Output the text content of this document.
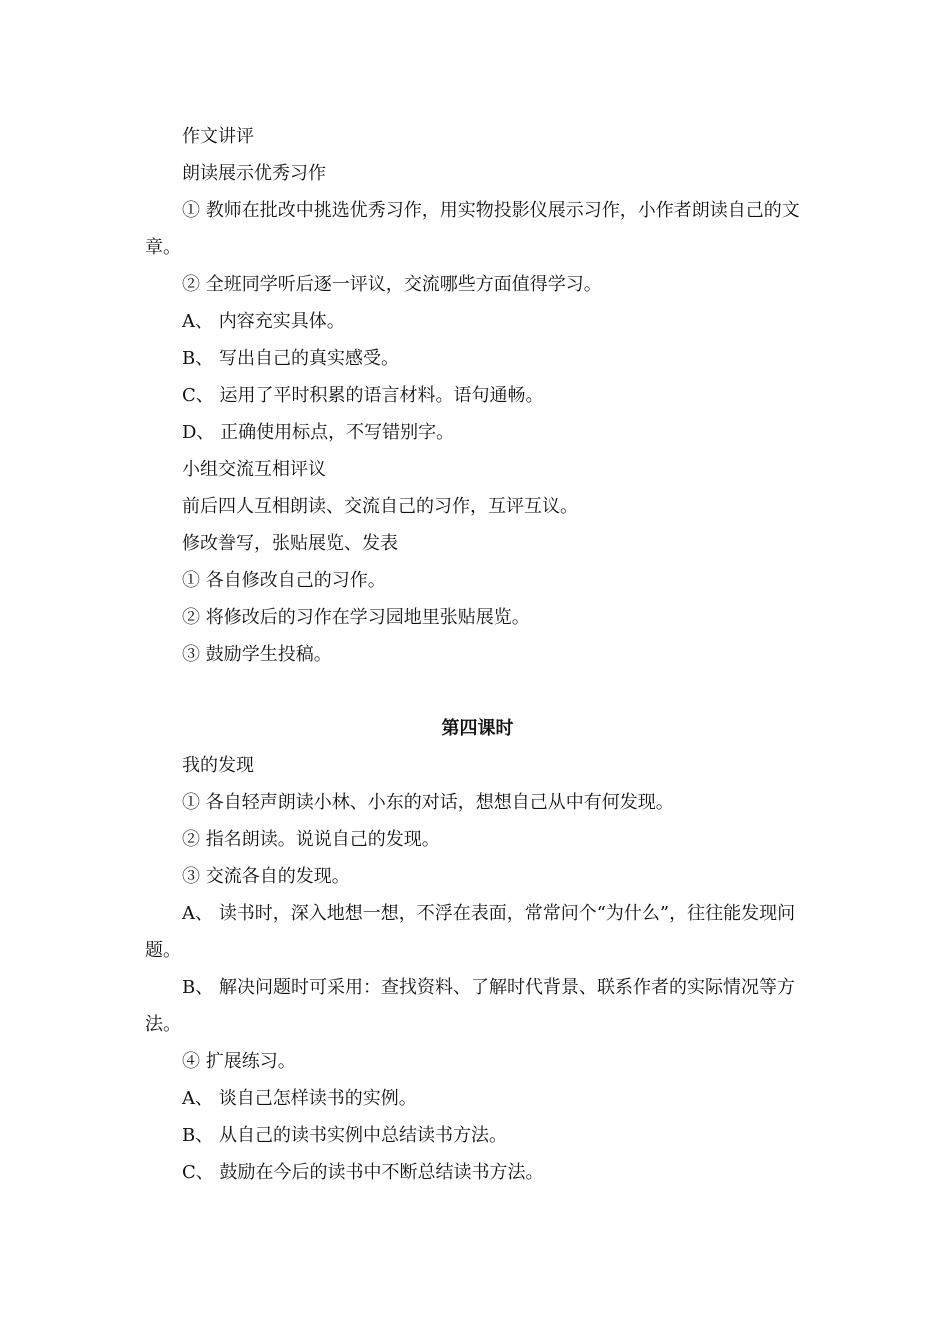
作文讲评

朗读展示优秀习作

① 教师在批改中挑选优秀习作，用实物投影仪展示习作，小作者朗读自己的文章。

② 全班同学听后逐一评议，交流哪些方面值得学习。

A、 内容充实具体。

B、 写出自己的真实感受。

C、 运用了平时积累的语言材料。语句通畅。

D、 正确使用标点，不写错别字。

小组交流互相评议

前后四人互相朗读、交流自己的习作，互评互议。

修改誊写，张贴展览、发表

① 各自修改自己的习作。

② 将修改后的习作在学习园地里张贴展览。

③ 鼓励学生投稿。

第四课时

我的发现

① 各自轻声朗读小林、小东的对话，想想自己从中有何发现。

② 指名朗读。说说自己的发现。

③ 交流各自的发现。

A、 读书时，深入地想一想，不浮在表面，常常问个“为什么”，往往能发现问题。

B、 解决问题时可采用：查找资料、了解时代背景、联系作者的实际情况等方法。

④ 扩展练习。

A、 谈自己怎样读书的实例。

B、 从自己的读书实例中总结读书方法。

C、 鼓励在今后的读书中不断总结读书方法。
